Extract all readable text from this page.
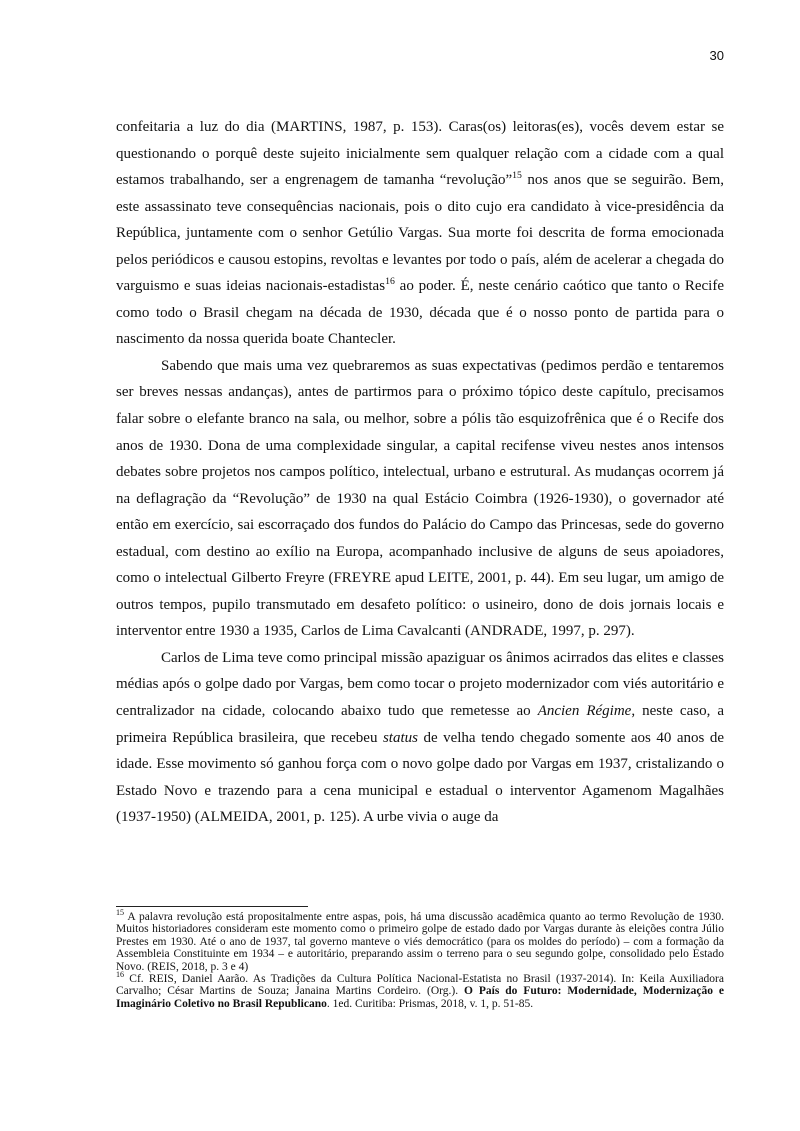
30

confeitaria a luz do dia (MARTINS, 1987, p. 153). Caras(os) leitoras(es), vocês devem estar se questionando o porquê deste sujeito inicialmente sem qualquer relação com a cidade com a qual estamos trabalhando, ser a engrenagem de tamanha “revolução”$^{15}$ nos anos que se seguirão. Bem, este assassinato teve consequências nacionais, pois o dito cujo era candidato à vice-presidência da República, juntamente com o senhor Getúlio Vargas. Sua morte foi descrita de forma emocionada pelos periódicos e causou estopins, revoltas e levantes por todo o país, além de acelerar a chegada do varguismo e suas ideias nacionais-estadistas$^{16}$ ao poder. É, neste cenário caótico que tanto o Recife como todo o Brasil chegam na década de 1930, década que é o nosso ponto de partida para o nascimento da nossa querida boate Chantecler.

Sabendo que mais uma vez quebraremos as suas expectativas (pedimos perdão e tentaremos ser breves nessas andanças), antes de partirmos para o próximo tópico deste capítulo, precisamos falar sobre o elefante branco na sala, ou melhor, sobre a pólis tão esquizofrênica que é o Recife dos anos de 1930. Dona de uma complexidade singular, a capital recifense viveu nestes anos intensos debates sobre projetos nos campos político, intelectual, urbano e estrutural. As mudanças ocorrem já na deflagração da “Revolução” de 1930 na qual Estácio Coimbra (1926-1930), o governador até então em exercício, sai escorraçado dos fundos do Palácio do Campo das Princesas, sede do governo estadual, com destino ao exílio na Europa, acompanhado inclusive de alguns de seus apoiadores, como o intelectual Gilberto Freyre (FREYRE apud LEITE, 2001, p. 44). Em seu lugar, um amigo de outros tempos, pupilo transmutado em desafeto político: o usineiro, dono de dois jornais locais e interventor entre 1930 a 1935, Carlos de Lima Cavalcanti (ANDRADE, 1997, p. 297).

Carlos de Lima teve como principal missão apaziguar os ânimos acirrados das elites e classes médias após o golpe dado por Vargas, bem como tocar o projeto modernizador com viés autoritário e centralizador na cidade, colocando abaixo tudo que remetesse ao Ancien Régime, neste caso, a primeira República brasileira, que recebeu status de velha tendo chegado somente aos 40 anos de idade. Esse movimento só ganhou força com o novo golpe dado por Vargas em 1937, cristalizando o Estado Novo e trazendo para a cena municipal e estadual o interventor Agamenom Magalhães (1937-1950) (ALMEIDA, 2001, p. 125). A urbe vivia o auge da

$^{15}$ A palavra revolução está propositalmente entre aspas, pois, há uma discussão acadêmica quanto ao termo Revolução de 1930. Muitos historiadores consideram este momento como o primeiro golpe de estado dado por Vargas durante às eleições contra Júlio Prestes em 1930. Até o ano de 1937, tal governo manteve o viés democrático (para os moldes do período) – com a formação da Assembleia Constituinte em 1934 – e autoritário, preparando assim o terreno para o seu segundo golpe, consolidado pelo Estado Novo. (REIS, 2018, p. 3 e 4)

$^{16}$ Cf. REIS, Daniel Aarão. As Tradições da Cultura Política Nacional-Estatista no Brasil (1937-2014). In: Keila Auxiliadora Carvalho; César Martins de Souza; Janaina Martins Cordeiro. (Org.). O País do Futuro: Modernidade, Modernização e Imaginário Coletivo no Brasil Republicano. 1ed. Curitiba: Prismas, 2018, v. 1, p. 51-85.
